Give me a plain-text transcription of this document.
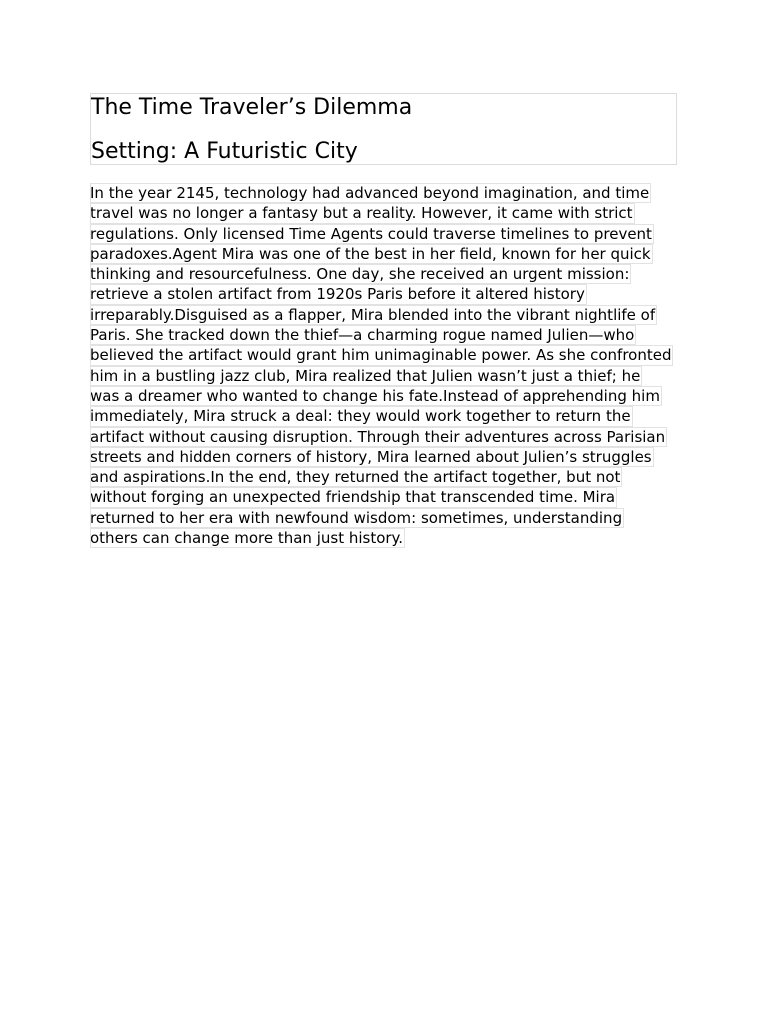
The Time Traveler’s Dilemma
Setting: A Futuristic City
In the year 2145, technology had advanced beyond imagination, and time
travel was no longer a fantasy but a reality. However, it came with strict
regulations. Only licensed Time Agents could traverse timelines to prevent
paradoxes.Agent Mira was one of the best in her field, known for her quick
thinking and resourcefulness. One day, she received an urgent mission:
retrieve a stolen artifact from 1920s Paris before it altered history
irreparably.Disguised as a flapper, Mira blended into the vibrant nightlife of
Paris. She tracked down the thief—a charming rogue named Julien—who
believed the artifact would grant him unimaginable power. As she confronted
him in a bustling jazz club, Mira realized that Julien wasn’t just a thief; he
was a dreamer who wanted to change his fate.Instead of apprehending him
immediately, Mira struck a deal: they would work together to return the
artifact without causing disruption. Through their adventures across Parisian
streets and hidden corners of history, Mira learned about Julien’s struggles
and aspirations.In the end, they returned the artifact together, but not
without forging an unexpected friendship that transcended time. Mira
returned to her era with newfound wisdom: sometimes, understanding
others can change more than just history.
